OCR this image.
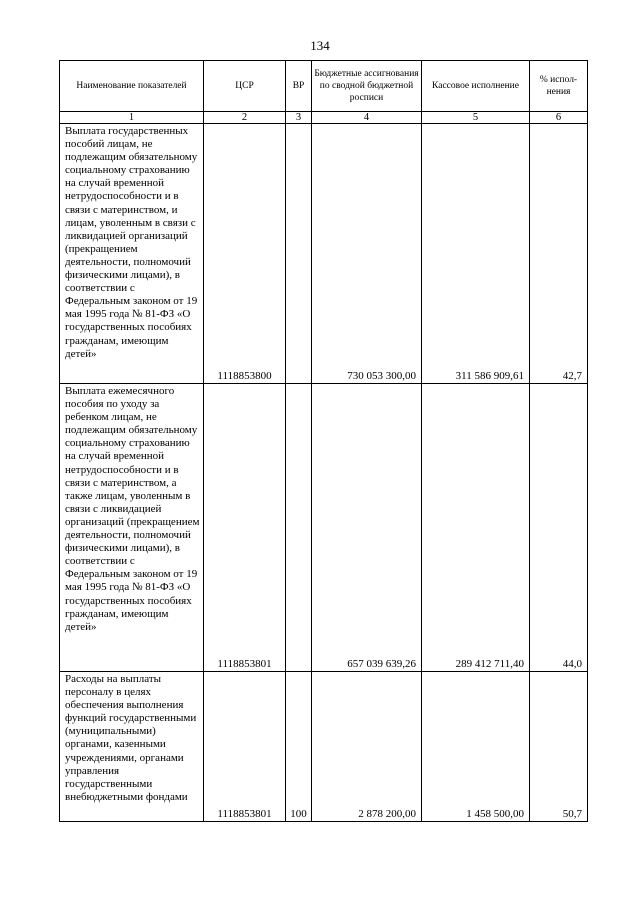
134
Наименование показателей	ЦСР	ВР	Бюджетные ассигнования по сводной бюджетной росписи	Кассовое исполнение	% испол-нения
1	2	3	4	5	6
Выплата государственных пособий лицам, не подлежащим обязательному социальному страхованию на случай временной нетрудоспособности и в связи с материнством, и лицам, уволенным в связи с ликвидацией организаций (прекращением деятельности, полномочий физическими лицами), в соответствии с Федеральным законом от 19 мая 1995 года № 81-ФЗ «О государственных пособиях гражданам, имеющим детей»	1118853800		730 053 300,00	311 586 909,61	42,7
Выплата ежемесячного пособия по уходу за ребенком лицам, не подлежащим обязательному социальному страхованию на случай временной нетрудоспособности и в связи с материнством, а также лицам, уволенным в связи с ликвидацией организаций (прекращением деятельности, полномочий физическими лицами), в соответствии с Федеральным законом от 19 мая 1995 года № 81-ФЗ «О государственных пособиях гражданам, имеющим детей»	1118853801		657 039 639,26	289 412 711,40	44,0
Расходы на выплаты персоналу в целях обеспечения выполнения функций государственными (муниципальными) органами, казенными учреждениями, органами управления государственными внебюджетными фондами	1118853801	100	2 878 200,00	1 458 500,00	50,7
